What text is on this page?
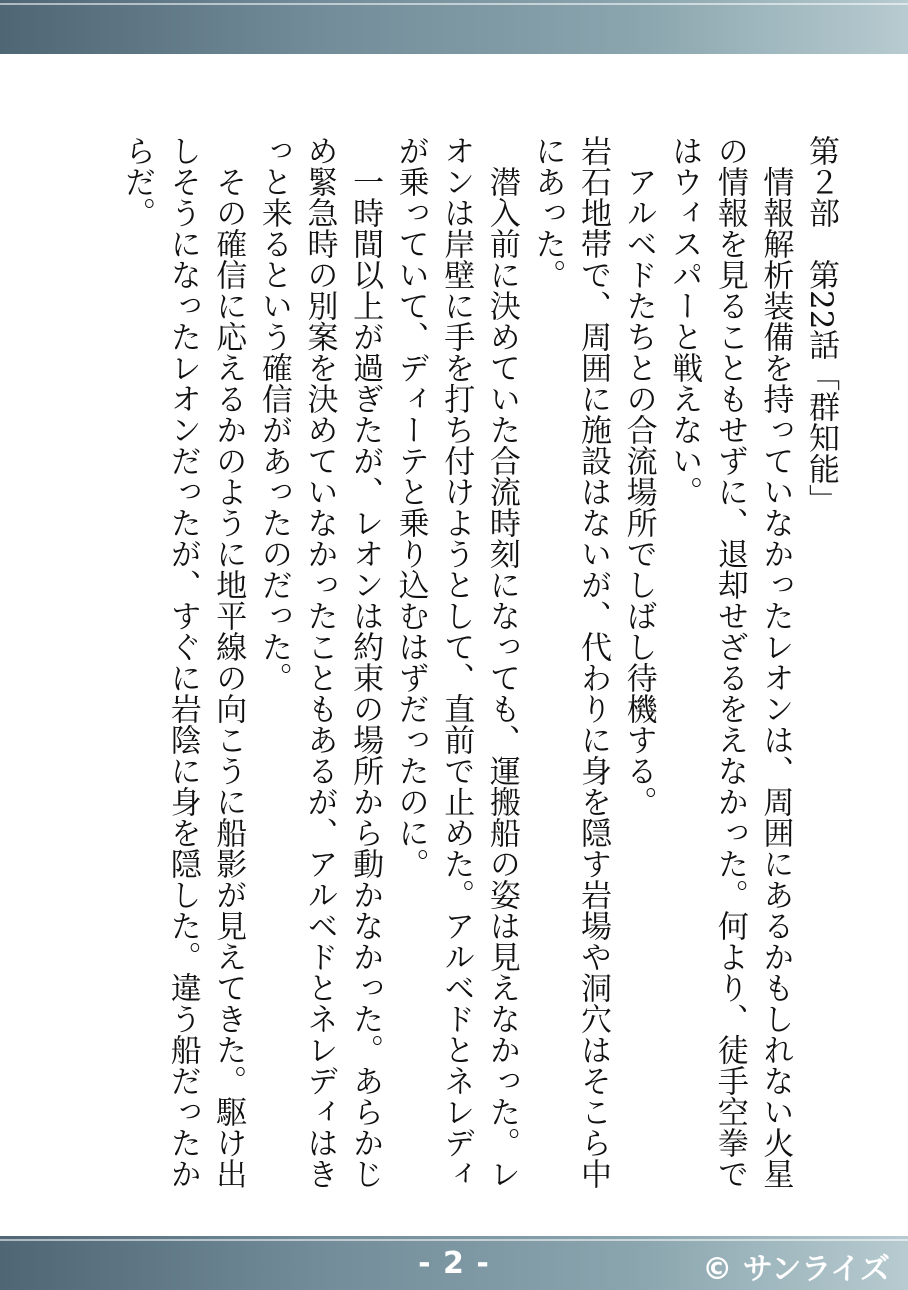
第２部　第22話「群知能」

情報解析装備を持っていなかったレオンは、周囲にあるかもしれない火星の情報を見ることもせずに、退却せざるをえなかった。何より、徒手空拳ではウィスパーと戦えない。

アルベドたちとの合流場所でしばし待機する。

岩石地帯で、周囲に施設はないが、代わりに身を隠す岩場や洞穴はそこら中にあった。

潜入前に決めていた合流時刻になっても、運搬船の姿は見えなかった。レオンは岸壁に手を打ち付けようとして、直前で止めた。アルベドとネレディが乗っていて、ディーテと乗り込むはずだったのに。

一時間以上が過ぎたが、レオンは約束の場所から動かなかった。あらかじめ緊急時の別案を決めていなかったこともあるが、アルベドとネレディはきっと来るという確信があったのだった。

その確信に応えるかのように地平線の向こうに船影が見えてきた。駆け出しそうになったレオンだったが、すぐに岩陰に身を隠した。違う船だったからだ。

- 2 -	© サンライズ
